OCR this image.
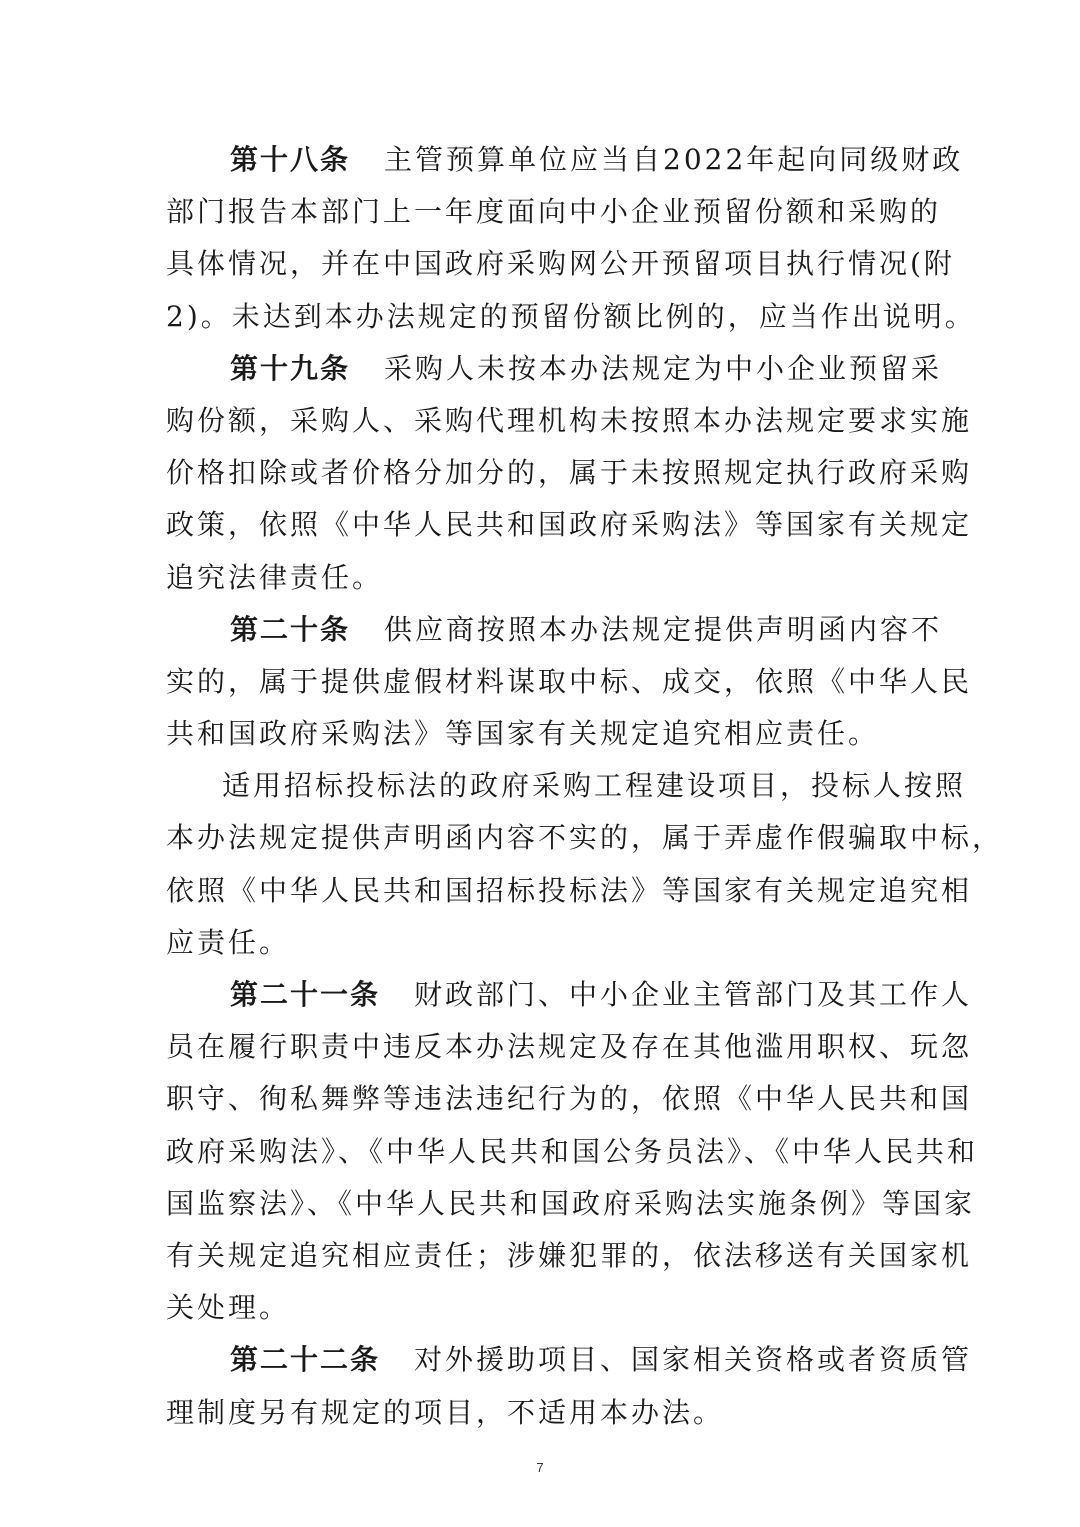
第十八条 主管预算单位应当自2022年起向同级财政
部门报告本部门上一年度面向中小企业预留份额和采购的
具体情况，并在中国政府采购网公开预留项目执行情况(附
2)。未达到本办法规定的预留份额比例的，应当作出说明。
第十九条 采购人未按本办法规定为中小企业预留采
购份额，采购人、采购代理机构未按照本办法规定要求实施
价格扣除或者价格分加分的，属于未按照规定执行政府采购
政策，依照《中华人民共和国政府采购法》等国家有关规定
追究法律责任。
第二十条 供应商按照本办法规定提供声明函内容不
实的，属于提供虚假材料谋取中标、成交，依照《中华人民
共和国政府采购法》等国家有关规定追究相应责任。
适用招标投标法的政府采购工程建设项目，投标人按照
本办法规定提供声明函内容不实的，属于弄虚作假骗取中标，
依照《中华人民共和国招标投标法》等国家有关规定追究相
应责任。
第二十一条 财政部门、中小企业主管部门及其工作人
员在履行职责中违反本办法规定及存在其他滥用职权、玩忽
职守、徇私舞弊等违法违纪行为的，依照《中华人民共和国
政府采购法》、《中华人民共和国公务员法》、《中华人民共和
国监察法》、《中华人民共和国政府采购法实施条例》等国家
有关规定追究相应责任；涉嫌犯罪的，依法移送有关国家机
关处理。
第二十二条 对外援助项目、国家相关资格或者资质管
理制度另有规定的项目，不适用本办法。
7
